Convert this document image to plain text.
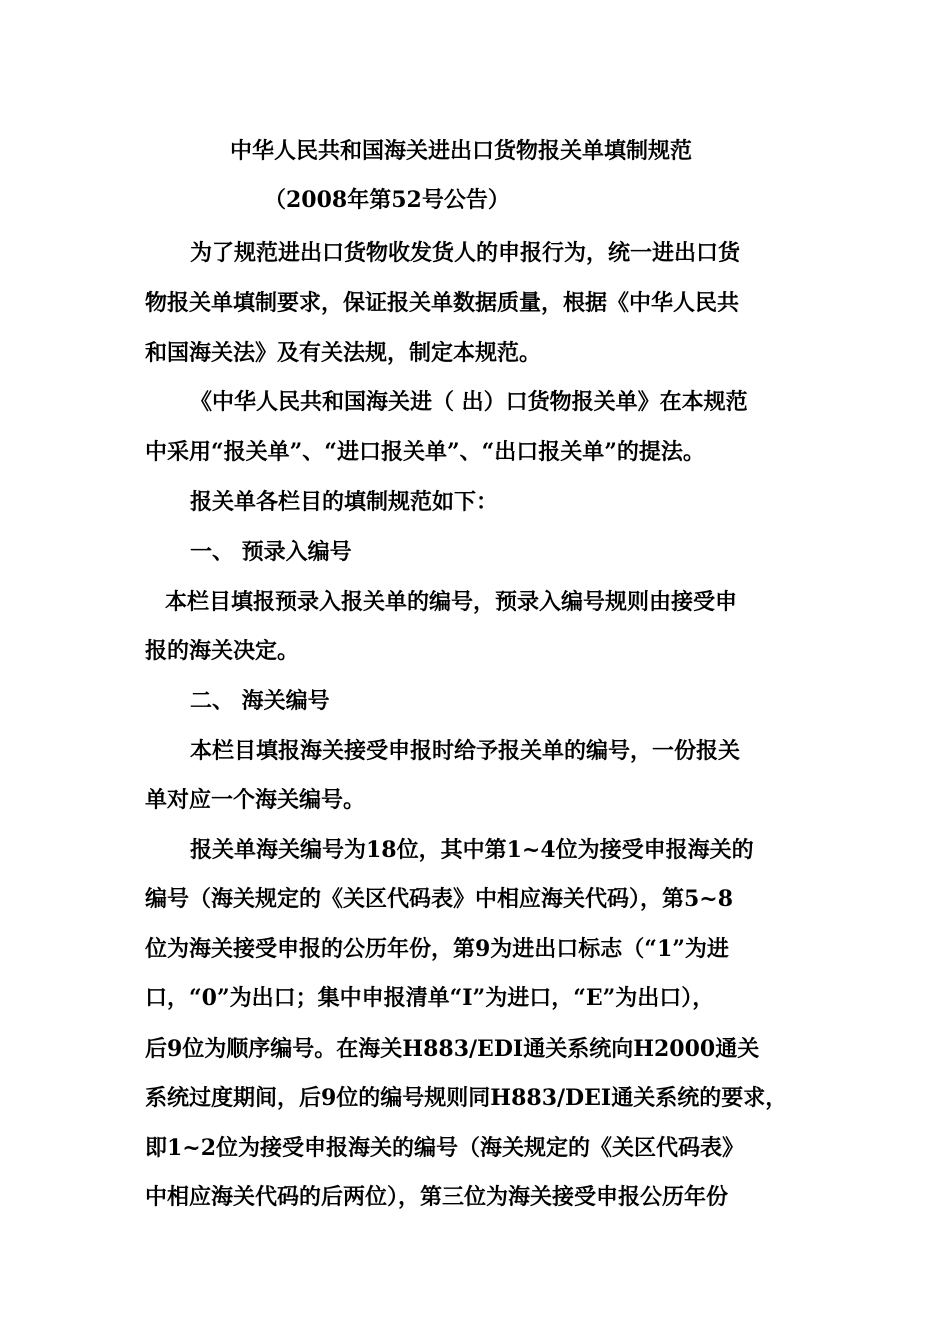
中华人民共和国海关进出口货物报关单填制规范
（2008年第52号公告）
为了规范进出口货物收发货人的申报行为，统一进出口货
物报关单填制要求，保证报关单数据质量，根据《中华人民共
和国海关法》及有关法规，制定本规范。
《中华人民共和国海关进（ 出）口货物报关单》在本规范
中采用“报关单”、“进口报关单”、“出口报关单”的提法。
报关单各栏目的填制规范如下：
一、 预录入编号
本栏目填报预录入报关单的编号，预录入编号规则由接受申
报的海关决定。
二、 海关编号
本栏目填报海关接受申报时给予报关单的编号，一份报关
单对应一个海关编号。
报关单海关编号为18位，其中第1~4位为接受申报海关的
编号（海关规定的《关区代码表》中相应海关代码），第5~8
位为海关接受申报的公历年份，第9为进出口标志（“1”为进
口，“0”为出口；集中申报清单“I”为进口，“E”为出口），
后9位为顺序编号。在海关H883/EDI通关系统向H2000通关
系统过度期间，后9位的编号规则同H883/DEI通关系统的要求，
即1~2位为接受申报海关的编号（海关规定的《关区代码表》
中相应海关代码的后两位），第三位为海关接受申报公历年份
